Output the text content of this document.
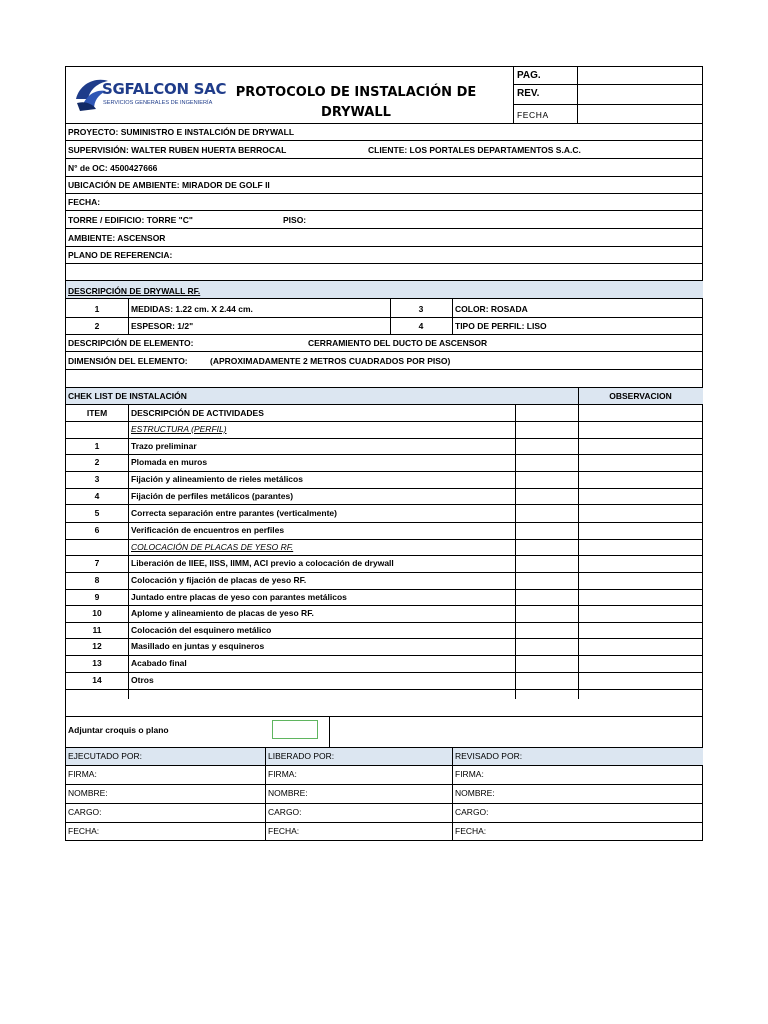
SGFALCON SAC
SERVICIOS GENERALES DE INGENIERÍA
PROTOCOLO DE INSTALACIÓN DE
DRYWALL
PAG.
REV.
FECHA
PROYECTO: SUMINISTRO E INSTALCIÓN DE DRYWALL
SUPERVISIÓN: WALTER RUBEN HUERTA BERROCAL	CLIENTE: LOS PORTALES DEPARTAMENTOS S.A.C.
N° de OC: 4500427666
UBICACIÓN DE AMBIENTE: MIRADOR DE GOLF II
FECHA:
TORRE / EDIFICIO: TORRE "C"	PISO:
AMBIENTE: ASCENSOR
PLANO DE REFERENCIA:
DESCRIPCIÓN DE DRYWALL RF.
1	MEDIDAS: 1.22 cm. X 2.44 cm.	3	COLOR: ROSADA
2	ESPESOR: 1/2"	4	TIPO DE PERFIL: LISO
DESCRIPCIÓN DE ELEMENTO:	CERRAMIENTO DEL DUCTO DE ASCENSOR
DIMENSIÓN DEL ELEMENTO:	(APROXIMADAMENTE 2 METROS CUADRADOS POR PISO)
CHEK LIST DE INSTALACIÓN	OBSERVACION
ITEM	DESCRIPCIÓN DE ACTIVIDADES
ESTRUCTURA (PERFIL)
1	Trazo preliminar
2	Plomada en muros
3	Fijación y alineamiento de rieles metálicos
4	Fijación de perfiles metálicos (parantes)
5	Correcta separación entre parantes (verticalmente)
6	Verificación de encuentros en perfiles
COLOCACIÓN DE PLACAS DE YESO RF.
7	Liberación de IIEE, IISS, IIMM, ACI previo a colocación de drywall
8	Colocación y fijación de placas de yeso RF.
9	Juntado entre placas de yeso con parantes metálicos
10	Aplome y alineamiento de placas de yeso RF.
11	Colocación del esquinero metálico
12	Masillado en juntas y esquineros
13	Acabado final
14	Otros
Adjuntar croquis o plano
EJECUTADO POR:	LIBERADO POR:	REVISADO POR:
FIRMA:	FIRMA:	FIRMA:
NOMBRE:	NOMBRE:	NOMBRE:
CARGO:	CARGO:	CARGO:
FECHA:	FECHA:	FECHA:
